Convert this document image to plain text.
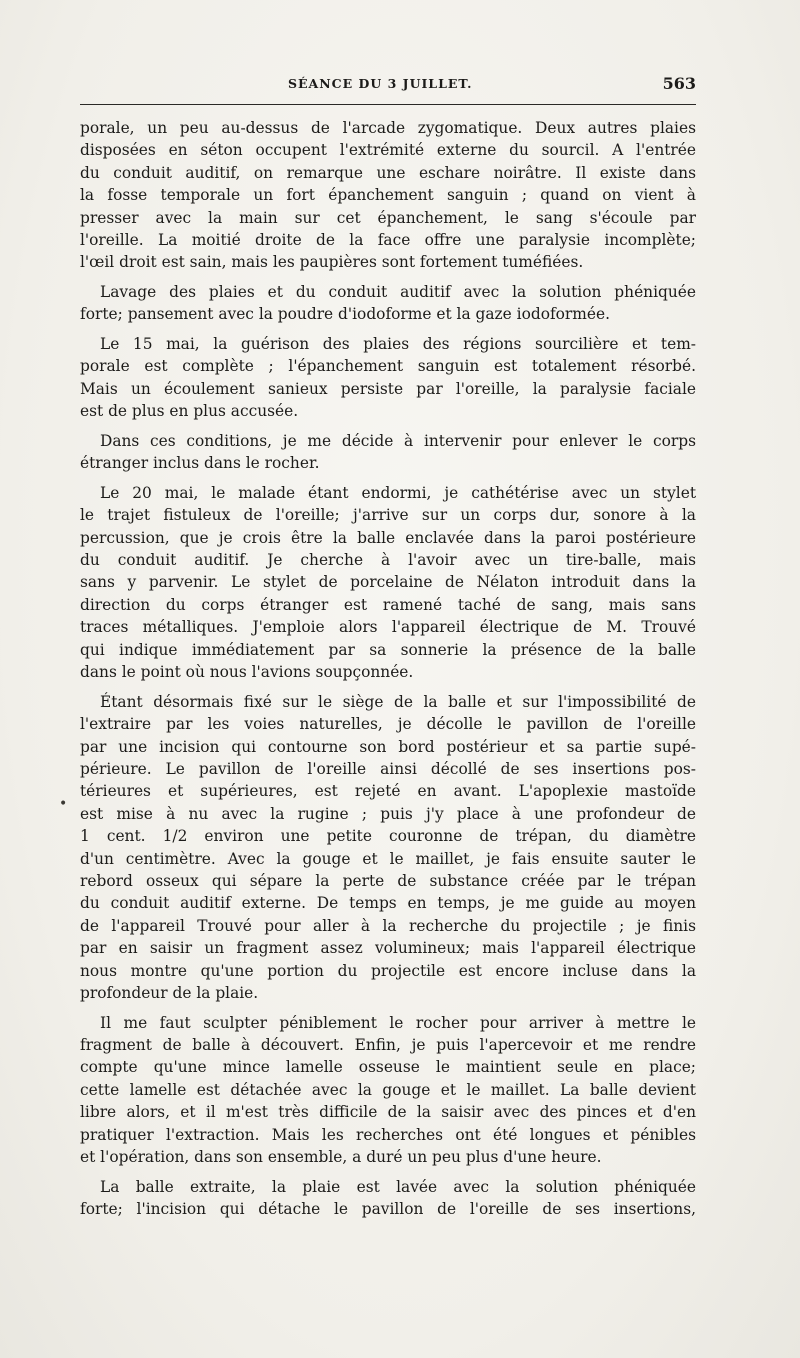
SÉANCE DU 3 JUILLET.	563
•

porale, un peu au-dessus de l'arcade zygomatique. Deux autres plaies
disposées en séton occupent l'extrémité externe du sourcil. A l'entrée
du conduit auditif, on remarque une eschare noirâtre. Il existe dans
la fosse temporale un fort épanchement sanguin ; quand on vient à
presser avec la main sur cet épanchement, le sang s'écoule par
l'oreille. La moitié droite de la face offre une paralysie incomplète;
l'œil droit est sain, mais les paupières sont fortement tuméfiées.

Lavage des plaies et du conduit auditif avec la solution phéniquée
forte; pansement avec la poudre d'iodoforme et la gaze iodoformée.

Le 15 mai, la guérison des plaies des régions sourcilière et tem-
porale est complète ; l'épanchement sanguin est totalement résorbé.
Mais un écoulement sanieux persiste par l'oreille, la paralysie faciale
est de plus en plus accusée.

Dans ces conditions, je me décide à intervenir pour enlever le corps
étranger inclus dans le rocher.

Le 20 mai, le malade étant endormi, je cathétérise avec un stylet
le trajet fistuleux de l'oreille; j'arrive sur un corps dur, sonore à la
percussion, que je crois être la balle enclavée dans la paroi postérieure
du conduit auditif. Je cherche à l'avoir avec un tire-balle, mais
sans y parvenir. Le stylet de porcelaine de Nélaton introduit dans la
direction du corps étranger est ramené taché de sang, mais sans
traces métalliques. J'emploie alors l'appareil électrique de M. Trouvé
qui indique immédiatement par sa sonnerie la présence de la balle
dans le point où nous l'avions soupçonnée.

Étant désormais fixé sur le siège de la balle et sur l'impossibilité de
l'extraire par les voies naturelles, je décolle le pavillon de l'oreille
par une incision qui contourne son bord postérieur et sa partie supé-
périeure. Le pavillon de l'oreille ainsi décollé de ses insertions pos-
térieures et supérieures, est rejeté en avant. L'apoplexie mastoïde
est mise à nu avec la rugine ; puis j'y place à une profondeur de
1 cent. 1/2 environ une petite couronne de trépan, du diamètre
d'un centimètre. Avec la gouge et le maillet, je fais ensuite sauter le
rebord osseux qui sépare la perte de substance créée par le trépan
du conduit auditif externe. De temps en temps, je me guide au moyen
de l'appareil Trouvé pour aller à la recherche du projectile ; je finis
par en saisir un fragment assez volumineux; mais l'appareil électrique
nous montre qu'une portion du projectile est encore incluse dans la
profondeur de la plaie.

Il me faut sculpter péniblement le rocher pour arriver à mettre le
fragment de balle à découvert. Enfin, je puis l'apercevoir et me rendre
compte qu'une mince lamelle osseuse le maintient seule en place;
cette lamelle est détachée avec la gouge et le maillet. La balle devient
libre alors, et il m'est très difficile de la saisir avec des pinces et d'en
pratiquer l'extraction. Mais les recherches ont été longues et pénibles
et l'opération, dans son ensemble, a duré un peu plus d'une heure.

La balle extraite, la plaie est lavée avec la solution phéniquée
forte; l'incision qui détache le pavillon de l'oreille de ses insertions,
